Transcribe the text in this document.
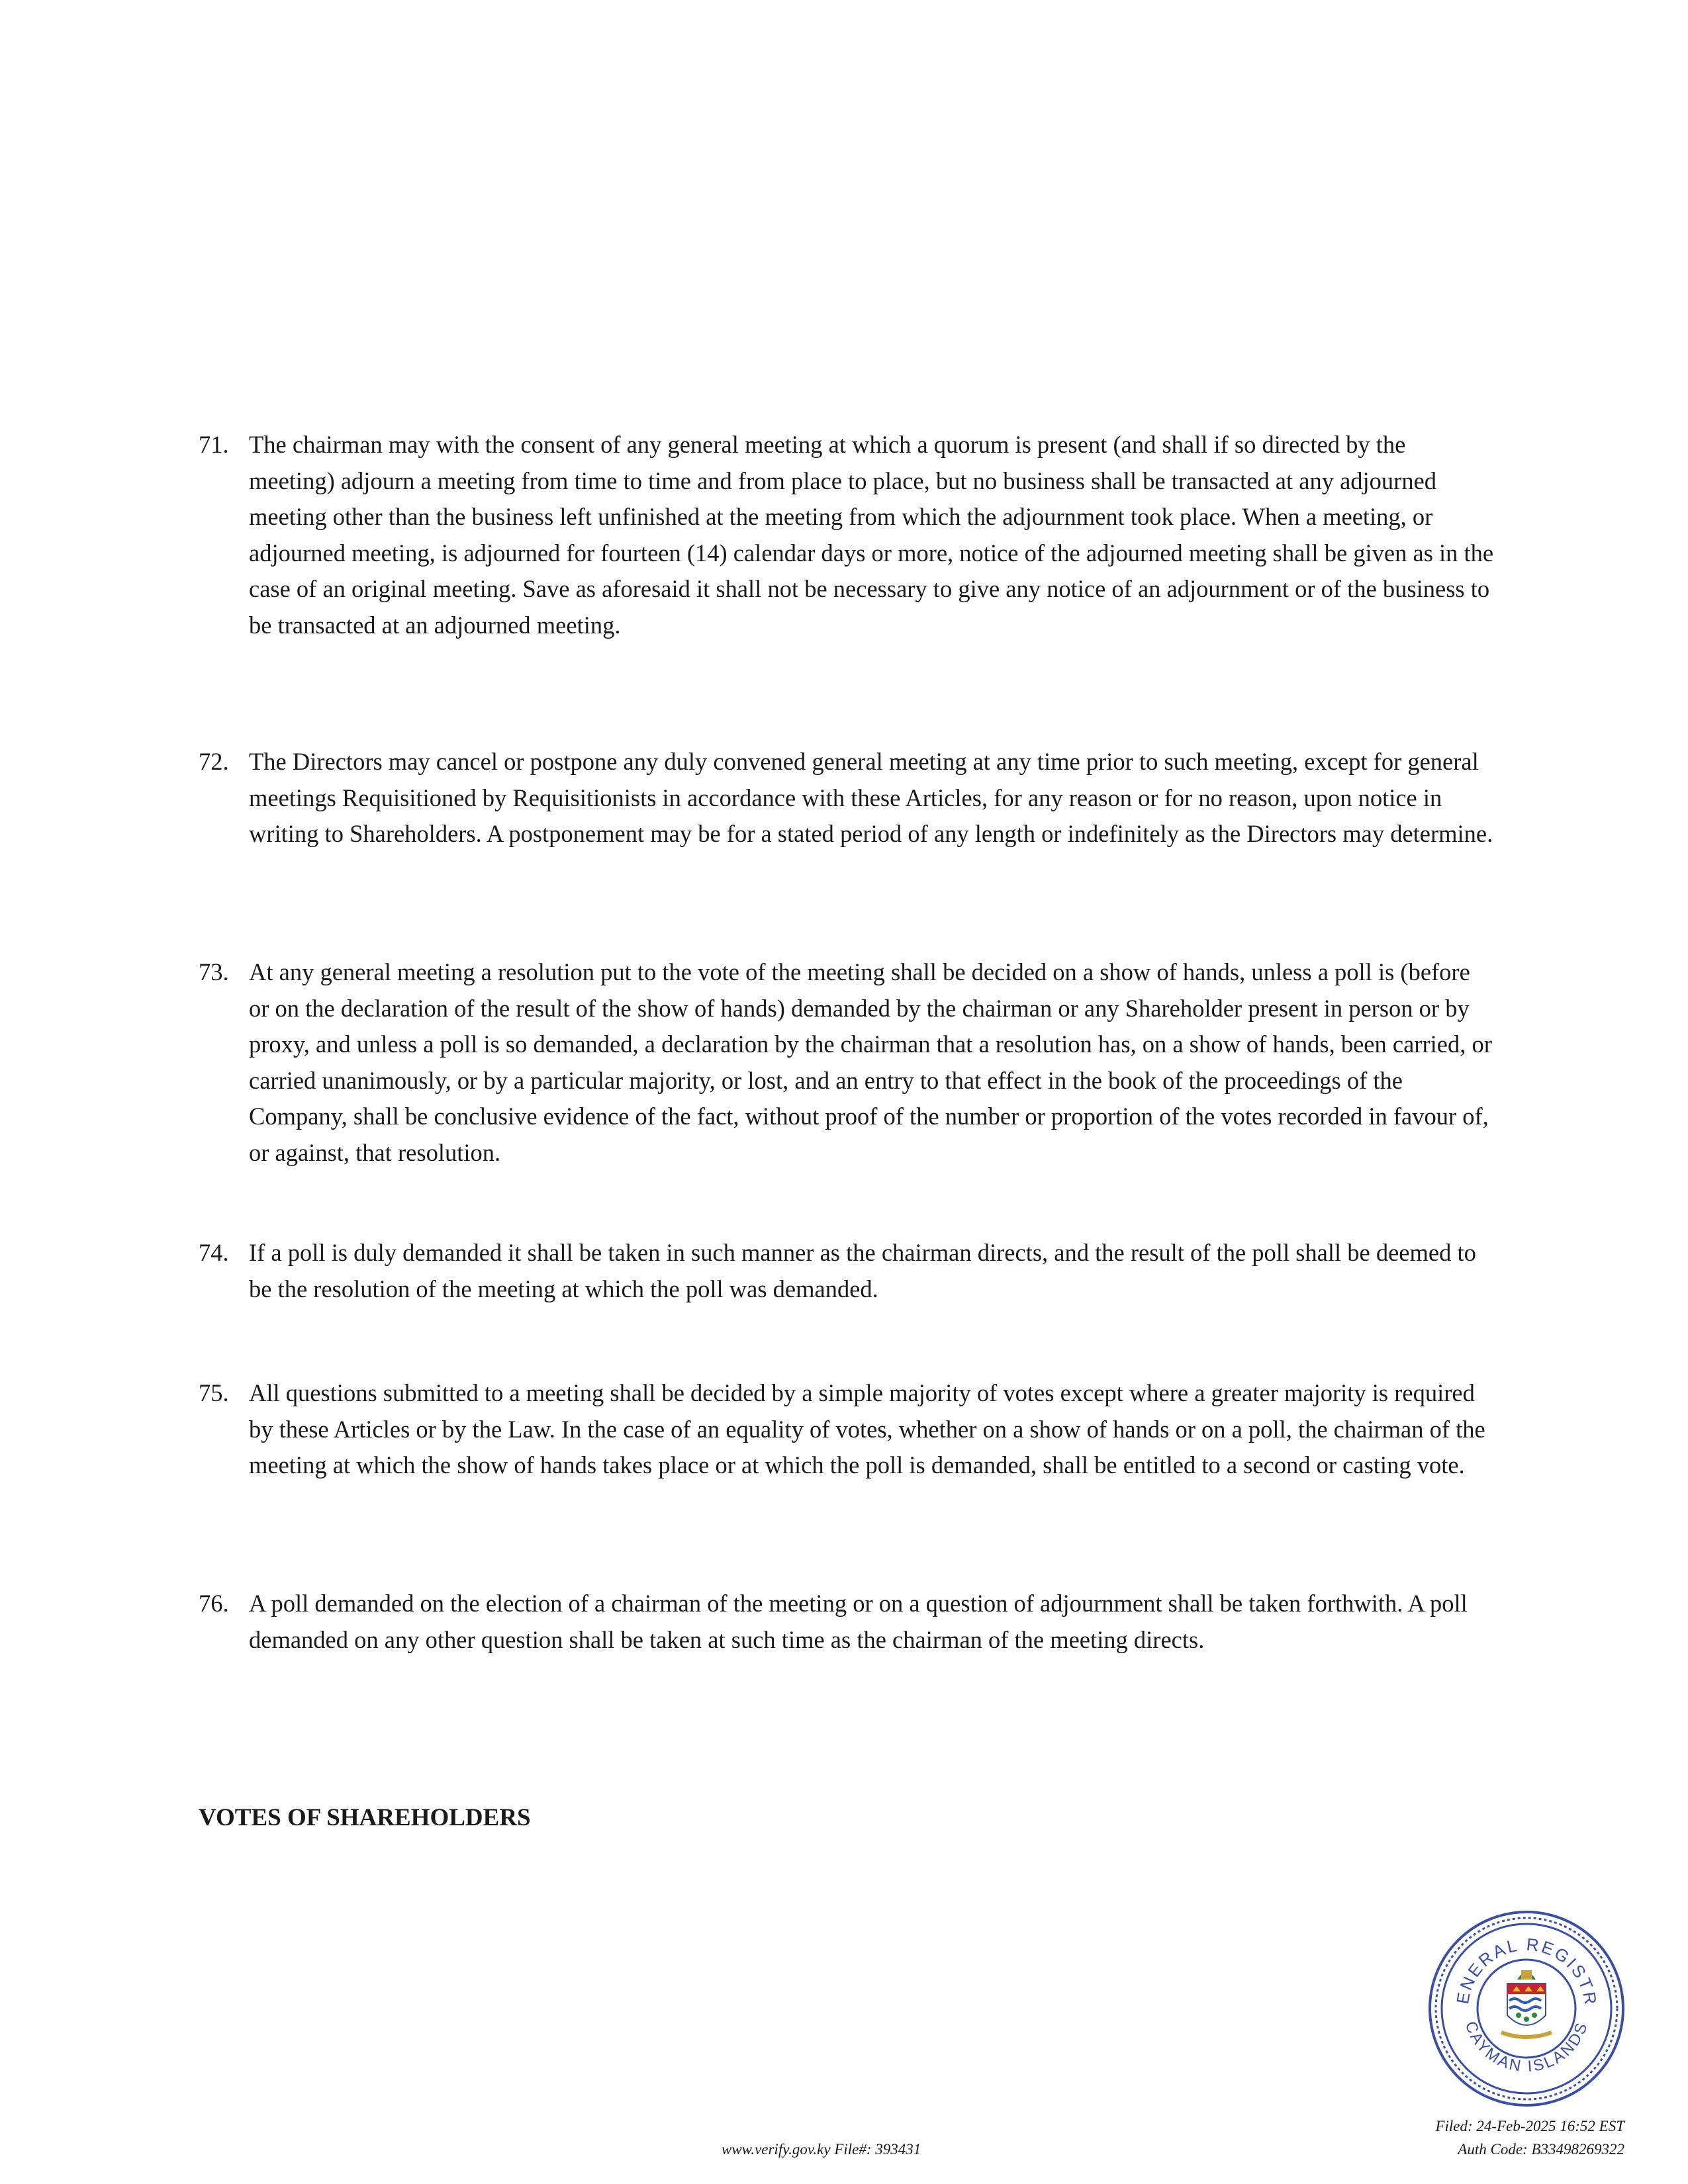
71. The chairman may with the consent of any general meeting at which a quorum is present (and shall if so directed by the meeting) adjourn a meeting from time to time and from place to place, but no business shall be transacted at any adjourned meeting other than the business left unfinished at the meeting from which the adjournment took place. When a meeting, or adjourned meeting, is adjourned for fourteen (14) calendar days or more, notice of the adjourned meeting shall be given as in the case of an original meeting. Save as aforesaid it shall not be necessary to give any notice of an adjournment or of the business to be transacted at an adjourned meeting.
72. The Directors may cancel or postpone any duly convened general meeting at any time prior to such meeting, except for general meetings Requisitioned by Requisitionists in accordance with these Articles, for any reason or for no reason, upon notice in writing to Shareholders. A postponement may be for a stated period of any length or indefinitely as the Directors may determine.
73. At any general meeting a resolution put to the vote of the meeting shall be decided on a show of hands, unless a poll is (before or on the declaration of the result of the show of hands) demanded by the chairman or any Shareholder present in person or by proxy, and unless a poll is so demanded, a declaration by the chairman that a resolution has, on a show of hands, been carried, or carried unanimously, or by a particular majority, or lost, and an entry to that effect in the book of the proceedings of the Company, shall be conclusive evidence of the fact, without proof of the number or proportion of the votes recorded in favour of, or against, that resolution.
74. If a poll is duly demanded it shall be taken in such manner as the chairman directs, and the result of the poll shall be deemed to be the resolution of the meeting at which the poll was demanded.
75. All questions submitted to a meeting shall be decided by a simple majority of votes except where a greater majority is required by these Articles or by the Law. In the case of an equality of votes, whether on a show of hands or on a poll, the chairman of the meeting at which the show of hands takes place or at which the poll is demanded, shall be entitled to a second or casting vote.
76. A poll demanded on the election of a chairman of the meeting or on a question of adjournment shall be taken forthwith. A poll demanded on any other question shall be taken at such time as the chairman of the meeting directs.
VOTES OF SHAREHOLDERS
ENERAL REGISTR
CAYMAN ISLANDS
Filed: 24-Feb-2025 16:52 EST
Auth Code: B33498269322
www.verify.gov.ky File#: 393431
